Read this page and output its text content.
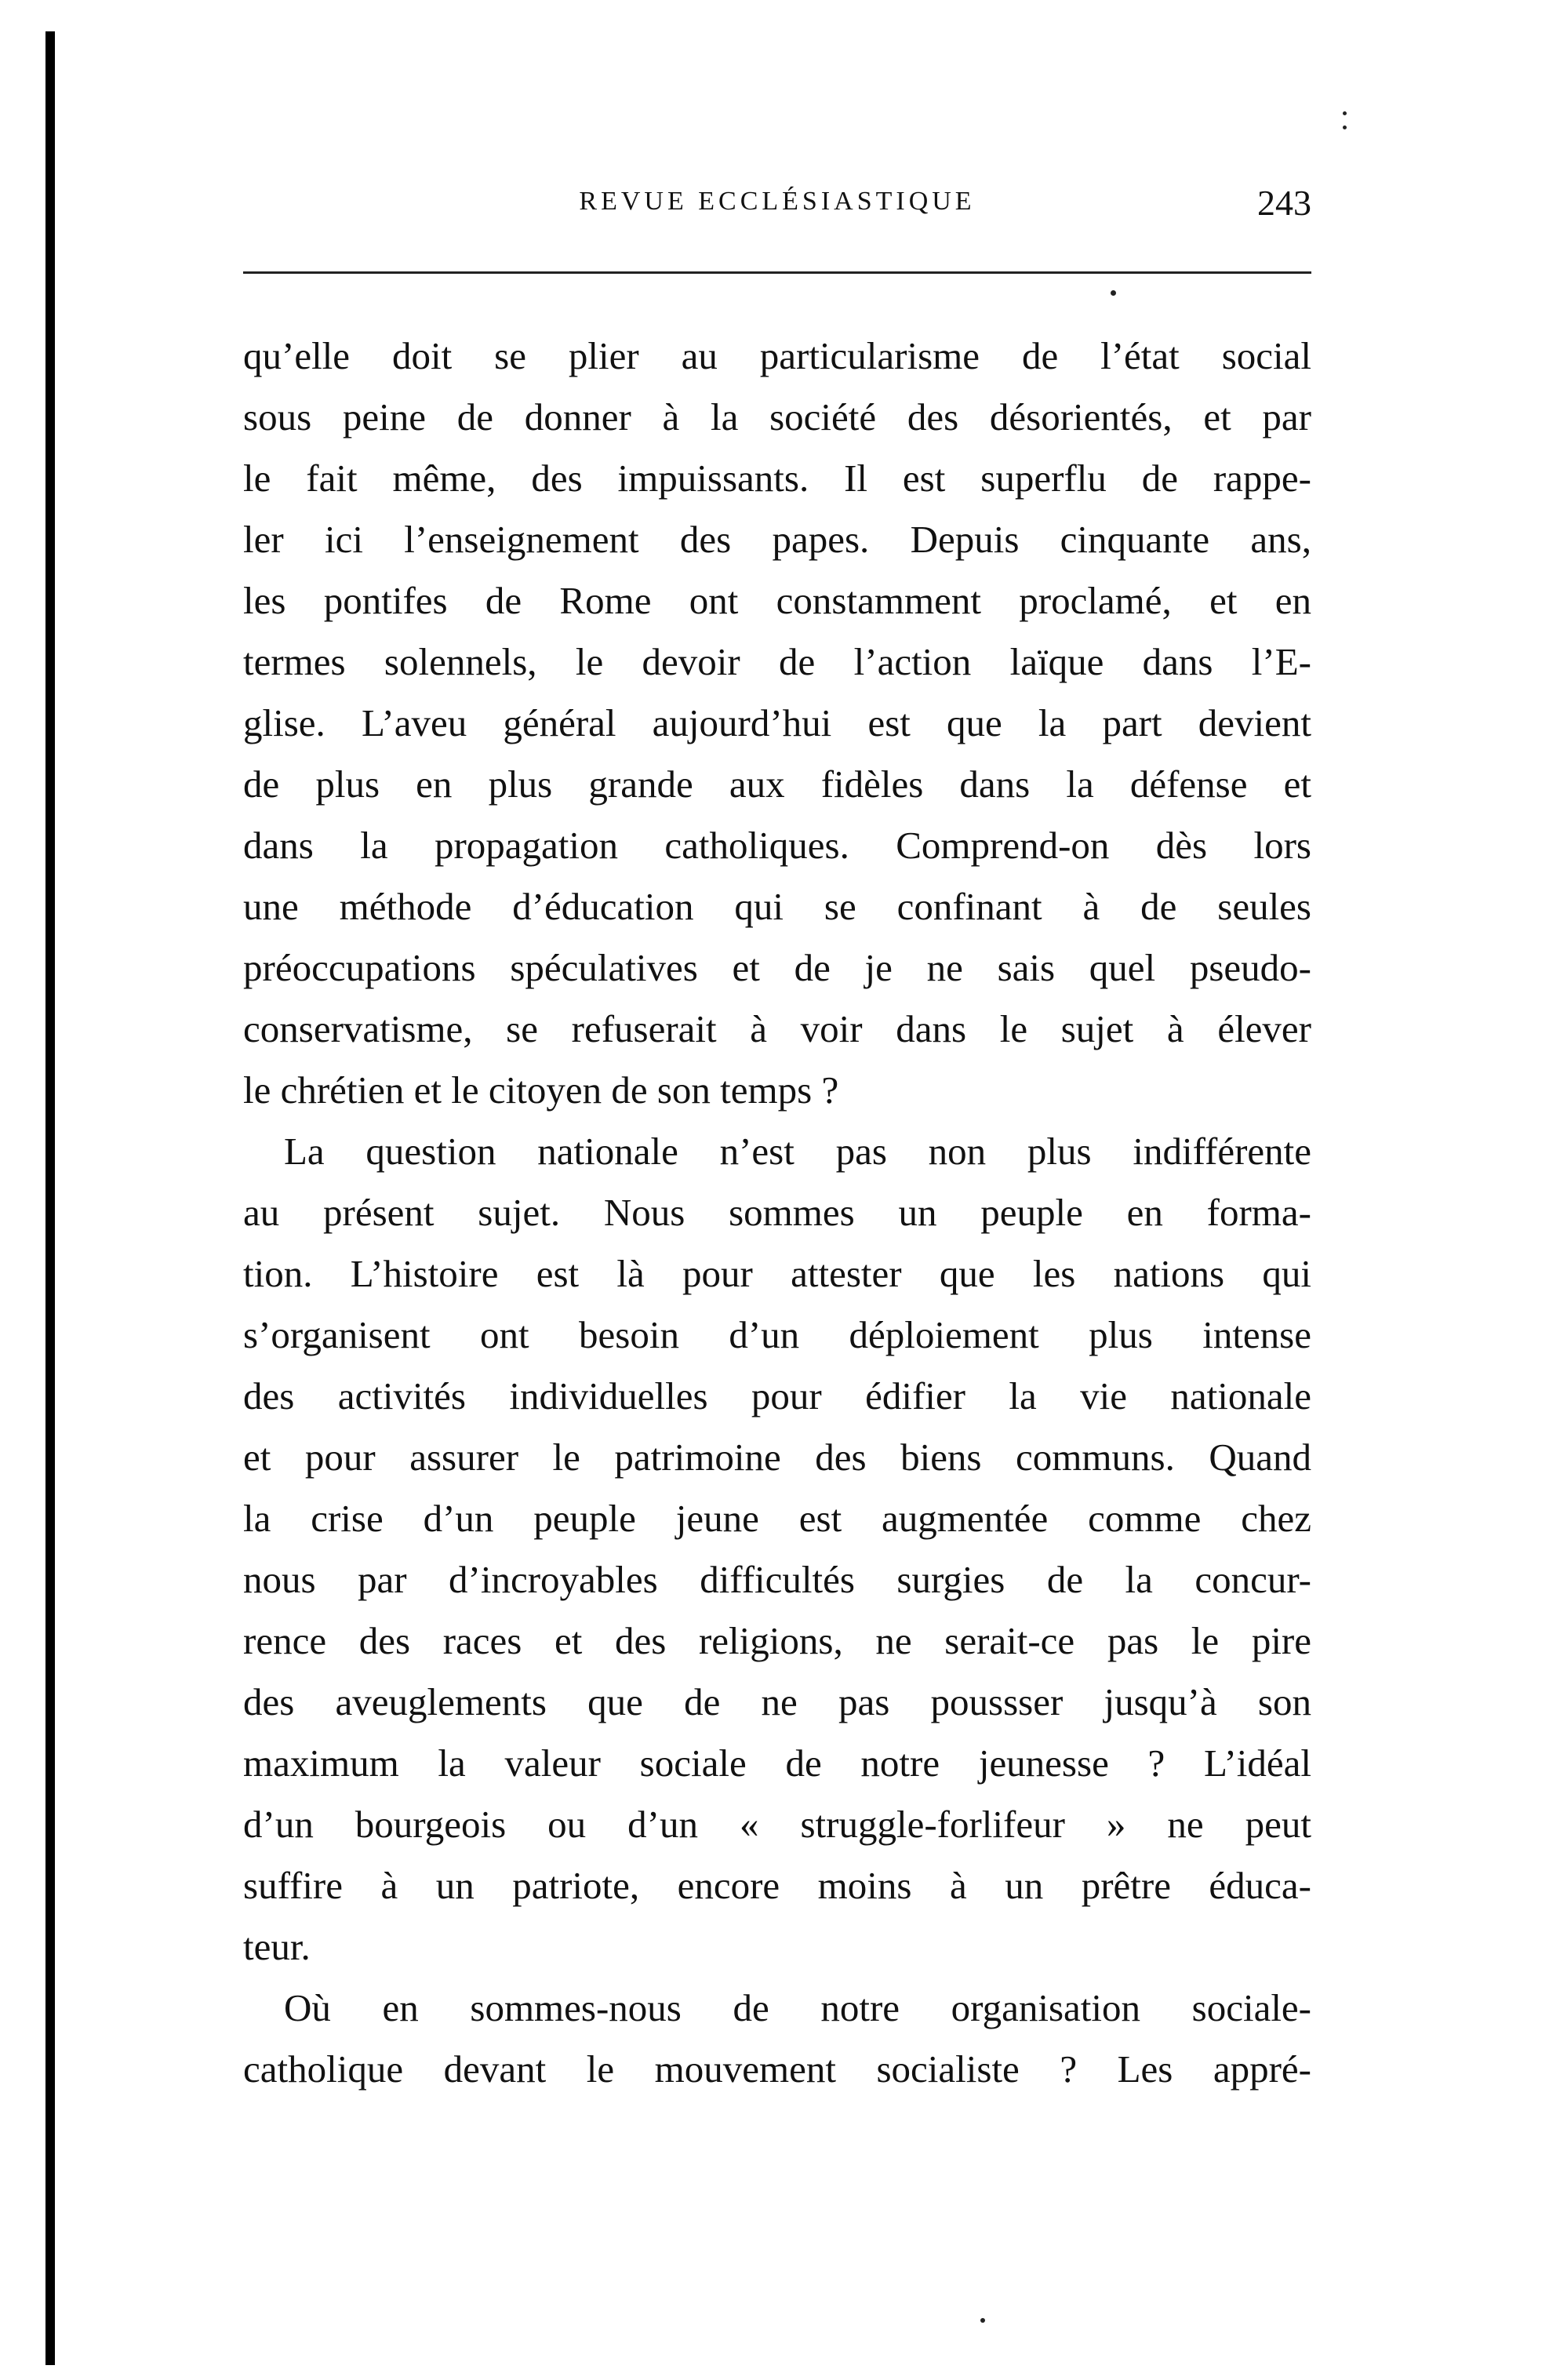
REVUE ECCLÉSIASTIQUE	243
qu’elle doit se plier au particularisme de l’état social
sous peine de donner à la société des désorientés, et par
le fait même, des impuissants. Il est superflu de rappe-
ler ici l’enseignement des papes. Depuis cinquante ans,
les pontifes de Rome ont constamment proclamé, et en
termes solennels, le devoir de l’action laïque dans l’E-
glise. L’aveu général aujourd’hui est que la part devient
de plus en plus grande aux fidèles dans la défense et
dans la propagation catholiques. Comprend-on dès lors
une méthode d’éducation qui se confinant à de seules
préoccupations spéculatives et de je ne sais quel pseudo-
conservatisme, se refuserait à voir dans le sujet à élever
le chrétien et le citoyen de son temps ?
La question nationale n’est pas non plus indifférente
au présent sujet. Nous sommes un peuple en forma-
tion. L’histoire est là pour attester que les nations qui
s’organisent ont besoin d’un déploiement plus intense
des activités individuelles pour édifier la vie nationale
et pour assurer le patrimoine des biens communs. Quand
la crise d’un peuple jeune est augmentée comme chez
nous par d’incroyables difficultés surgies de la concur-
rence des races et des religions, ne serait-ce pas le pire
des aveuglements que de ne pas poussser jusqu’à son
maximum la valeur sociale de notre jeunesse ? L’idéal
d’un bourgeois ou d’un « struggle-forlifeur » ne peut
suffire à un patriote, encore moins à un prêtre éduca-
teur.
Où en sommes-nous de notre organisation sociale-
catholique devant le mouvement socialiste ? Les appré-
